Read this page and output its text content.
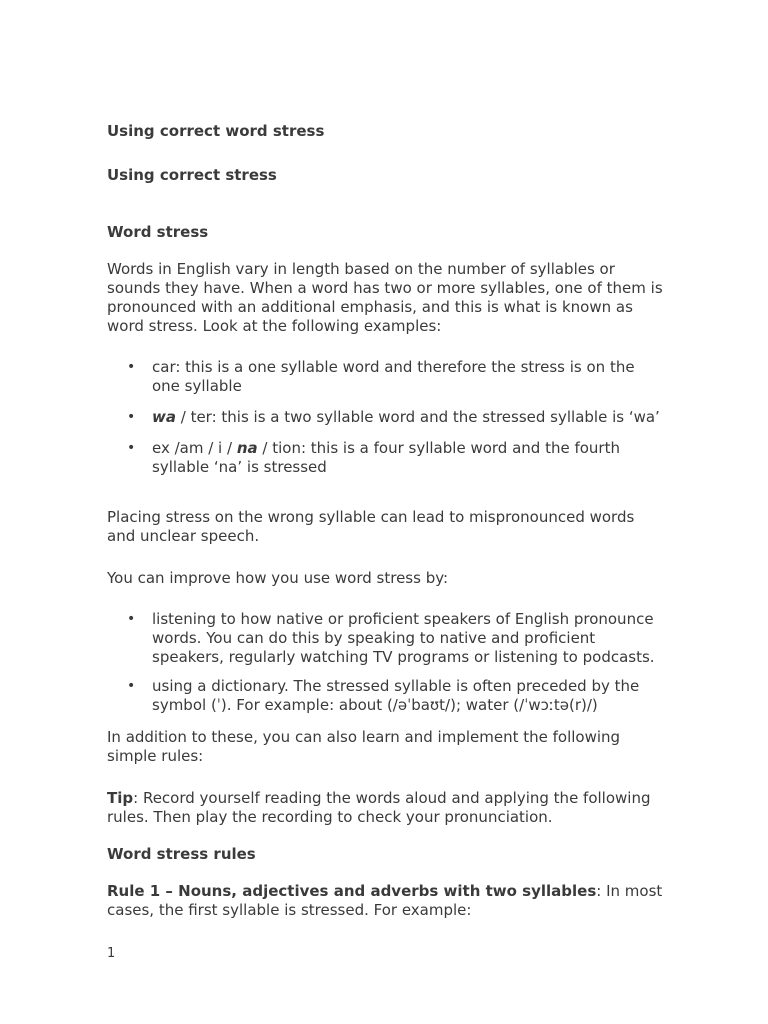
Using correct word stress

Using correct stress

Word stress

Words in English vary in length based on the number of syllables or sounds they have. When a word has two or more syllables, one of them is pronounced with an additional emphasis, and this is what is known as word stress. Look at the following examples:

• car: this is a one syllable word and therefore the stress is on the one syllable
• wa / ter: this is a two syllable word and the stressed syllable is ‘wa’
• ex /am / i / na / tion: this is a four syllable word and the fourth syllable ‘na’ is stressed

Placing stress on the wrong syllable can lead to mispronounced words and unclear speech.

You can improve how you use word stress by:

• listening to how native or proficient speakers of English pronounce words. You can do this by speaking to native and proficient speakers, regularly watching TV programs or listening to podcasts.
• using a dictionary. The stressed syllable is often preceded by the symbol (ˈ). For example: about (/əˈbaʊt/); water (/ˈwɔːtə(r)/)

In addition to these, you can also learn and implement the following simple rules:

Tip: Record yourself reading the words aloud and applying the following rules. Then play the recording to check your pronunciation.

Word stress rules

Rule 1 – Nouns, adjectives and adverbs with two syllables: In most cases, the first syllable is stressed. For example:

1
